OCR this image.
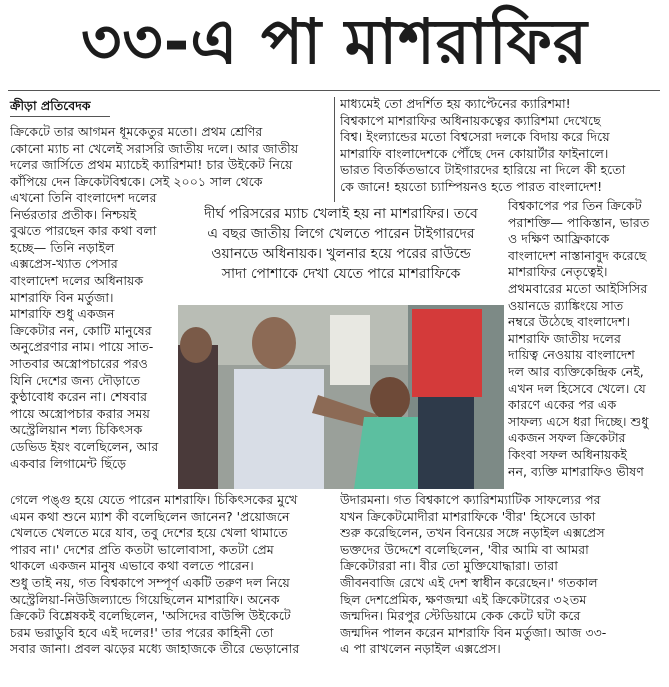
৩৩-এ পা মাশরাফির
ক্রীড়া প্রতিবেদক
ক্রিকেটে তার আগমন ধূমকেতুর মতো। প্রথম শ্রেণির
কোনো ম্যাচ না খেলেই সরাসরি জাতীয় দলে। আর জাতীয়
দলের জার্সিতে প্রথম ম্যাচেই ক্যারিশমা! চার উইকেট নিয়ে
কাঁপিয়ে দেন ক্রিকেটবিশ্বকে। সেই ২০০১ সাল থেকে
এখনো তিনি বাংলাদেশ দলের
নির্ভরতার প্রতীক। নিশ্চয়ই
বুঝতে পারছেন কার কথা বলা
হচ্ছে— তিনি নড়াইল
এক্সপ্রেস-খ্যাত পেসার
বাংলাদেশ দলের অধিনায়ক
মাশরাফি বিন মর্তুজা।
মাশরাফি শুধু একজন
ক্রিকেটার নন, কোটি মানুষের
অনুপ্রেরণার নাম। পায়ে সাত-
সাতবার অস্ত্রোপচারের পরও
যিনি দেশের জন্য দৌড়াতে
কুণ্ঠাবোধ করেন না। শেষবার
পায়ে অস্ত্রোপচার করার সময়
অস্ট্রেলিয়ান শল্য চিকিৎসক
ডেভিড ইয়ং বলেছিলেন, আর
একবার লিগামেন্ট ছিঁড়ে
মাধ্যমেই তো প্রদর্শিত হয় ক্যাপ্টেনের ক্যারিশমা!
বিশ্বকাপে মাশরাফির অধিনায়কত্বের ক্যারিশমা দেখেছে
বিশ্ব। ইংল্যান্ডের মতো বিশ্বসেরা দলকে বিদায় করে দিয়ে
মাশরাফি বাংলাদেশকে পৌঁছে দেন কোয়ার্টার ফাইনালে।
ভারত বিতর্কিতভাবে টাইগারদের হারিয়ে না দিলে কী হতো
কে জানে! হয়তো চ্যাম্পিয়নও হতে পারত বাংলাদেশ!
বিশ্বকাপের পর তিন ক্রিকেট
পরাশক্তি— পাকিস্তান, ভারত
ও দক্ষিণ আফ্রিকাকে
বাংলাদেশ নাস্তানাবুদ করেছে
মাশরাফির নেতৃত্বেই।
প্রথমবারের মতো আইসিসির
ওয়ানডে র‍্যাঙ্কিংয়ে সাত
নম্বরে উঠেছে বাংলাদেশ।
মাশরাফি জাতীয় দলের
দায়িত্ব নেওয়ায় বাংলাদেশ
দল আর ব্যক্তিকেন্দ্রিক নেই,
এখন দল হিসেবে খেলে। যে
কারণে একের পর এক
সাফল্য এসে ধরা দিচ্ছে। শুধু
একজন সফল ক্রিকেটার
কিংবা সফল অধিনায়কই
নন, ব্যক্তি মাশরাফিও ভীষণ
দীর্ঘ পরিসরের ম্যাচ খেলাই হয় না মাশরাফির। তবে
এ বছর জাতীয় লিগে খেলতে পারেন টাইগারদের
ওয়ানডে অধিনায়ক। খুলনার হয়ে পরের রাউন্ডে
সাদা পোশাকে দেখা যেতে পারে মাশরাফিকে
গেলে পঙ্গু হয়ে যেতে পারেন মাশরাফি। চিকিৎসকের মুখে
এমন কথা শুনে ম্যাশ কী বলেছিলেন জানেন? 'প্রয়োজনে
খেলতে খেলতে মরে যাব, তবু দেশের হয়ে খেলা থামাতে
পারব না।' দেশের প্রতি কতটা ভালোবাসা, কতটা প্রেম
থাকলে একজন মানুষ এভাবে কথা বলতে পারেন।
শুধু তাই নয়, গত বিশ্বকাপে সম্পূর্ণ একটি তরুণ দল নিয়ে
অস্ট্রেলিয়া-নিউজিল্যান্ডে গিয়েছিলেন মাশরাফি। অনেক
ক্রিকেট বিশ্লেষকই বলেছিলেন, 'অসিদের বাউন্সি উইকেটে
চরম ভরাডুবি হবে এই দলের!' তার পরের কাহিনী তো
সবার জানা। প্রবল ঝড়ের মধ্যে জাহাজকে তীরে ভেড়ানোর
উদারমনা। গত বিশ্বকাপে ক্যারিশম্যাটিক সাফল্যের পর
যখন ক্রিকেটমোদীরা মাশরাফিকে 'বীর' হিসেবে ডাকা
শুরু করেছিলেন, তখন বিনয়ের সঙ্গে নড়াইল এক্সপ্রেস
ভক্তদের উদ্দেশে বলেছিলেন, 'বীর আমি বা আমরা
ক্রিকেটাররা না। বীর তো মুক্তিযোদ্ধারা। তারা
জীবনবাজি রেখে এই দেশ স্বাধীন করেছেন।' গতকাল
ছিল দেশপ্রেমিক, ক্ষণজন্মা এই ক্রিকেটারের ৩২তম
জন্মদিন। মিরপুর স্টেডিয়ামে কেক কেটে ঘটা করে
জন্মদিন পালন করেন মাশরাফি বিন মর্তুজা। আজ ৩৩-
এ পা রাখলেন নড়াইল এক্সপ্রেস।
